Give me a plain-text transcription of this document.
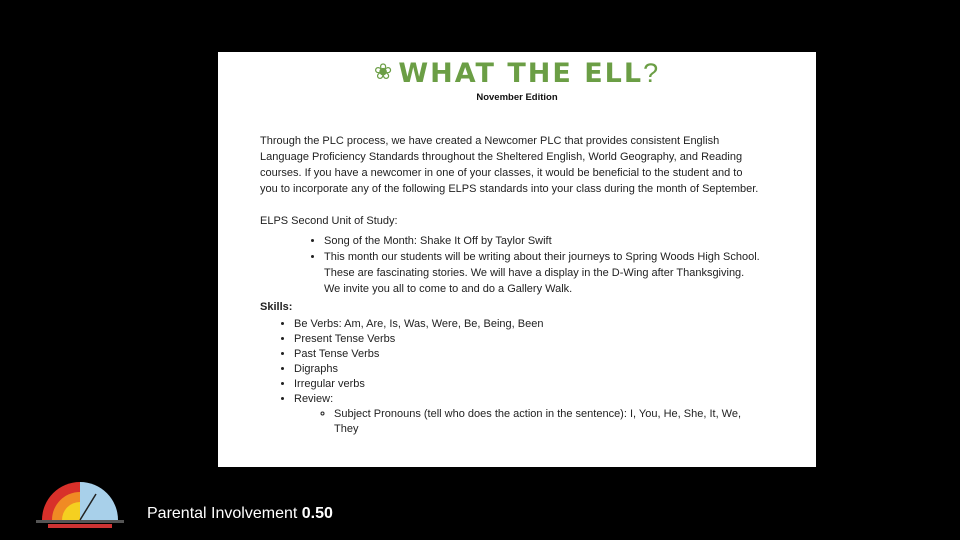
❀ WHAT THE ELL?
November Edition

Through the PLC process, we have created a Newcomer PLC that provides consistent English Language Proficiency Standards throughout the Sheltered English, World Geography, and Reading courses. If you have a newcomer in one of your classes, it would be beneficial to the student and to you to incorporate any of the following ELPS standards into your class during the month of September.

ELPS Second Unit of Study:
• Song of the Month: Shake It Off by Taylor Swift
• This month our students will be writing about their journeys to Spring Woods High School. These are fascinating stories. We will have a display in the D-Wing after Thanksgiving. We invite you all to come to and do a Gallery Walk.
Skills:
• Be Verbs: Am, Are, Is, Was, Were, Be, Being, Been
• Present Tense Verbs
• Past Tense Verbs
• Digraphs
• Irregular verbs
• Review:
◦ Subject Pronouns (tell who does the action in the sentence): I, You, He, She, It, We, They
Parental Involvement 0.50
